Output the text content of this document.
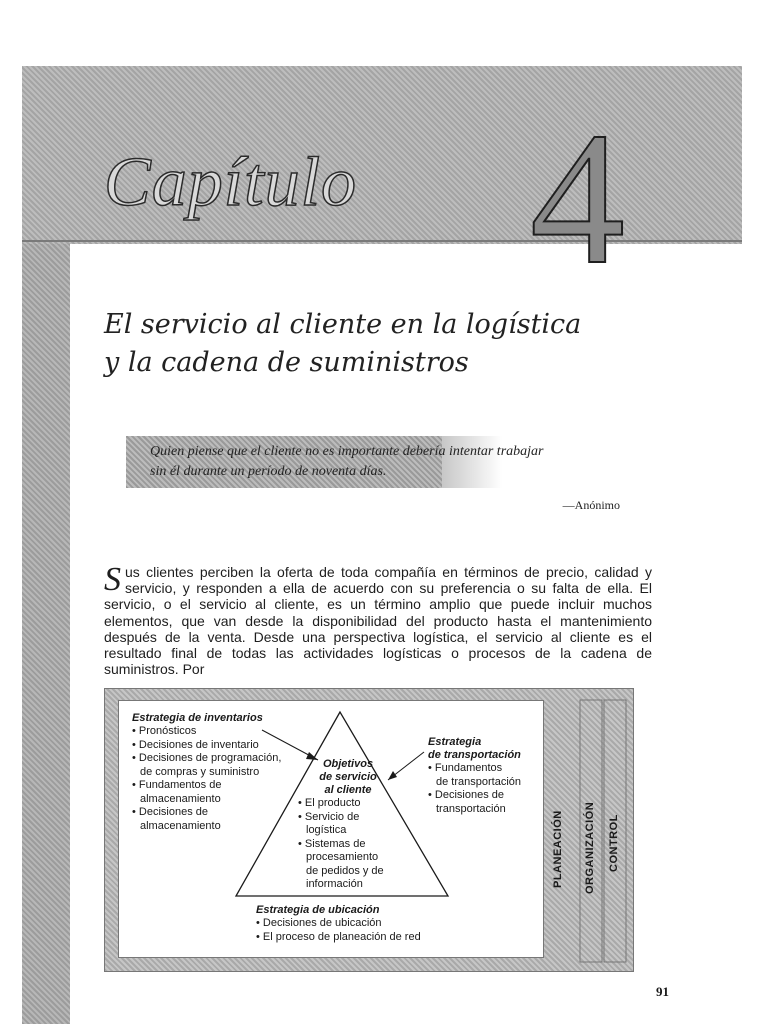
Capítulo 4
El servicio al cliente en la logística
y la cadena de suministros
Quien piense que el cliente no es importante debería intentar trabajar
sin él durante un período de noventa días.
—Anónimo
Sus clientes perciben la oferta de toda compañía en términos de precio, calidad y servicio, y responden a ella de acuerdo con su preferencia o su falta de ella. El servicio, o el servicio al cliente, es un término amplio que puede incluir muchos elementos, que van desde la disponibilidad del producto hasta el mantenimiento después de la venta. Desde una perspectiva logística, el servicio al cliente es el resultado final de todas las actividades logísticas o procesos de la cadena de suministros. Por
Estrategia de inventarios
• Pronósticos
• Decisiones de inventario
• Decisiones de programación,
de compras y suministro
• Fundamentos de
almacenamiento
• Decisiones de
almacenamiento
Objetivos
de servicio
al cliente
• El producto
• Servicio de
logística
• Sistemas de
procesamiento
de pedidos y de
información
Estrategia
de transportación
• Fundamentos
de transportación
• Decisiones de
transportación
Estrategia de ubicación
• Decisiones de ubicación
• El proceso de planeación de red
PLANEACIÓN ORGANIZACIÓN CONTROL
91
